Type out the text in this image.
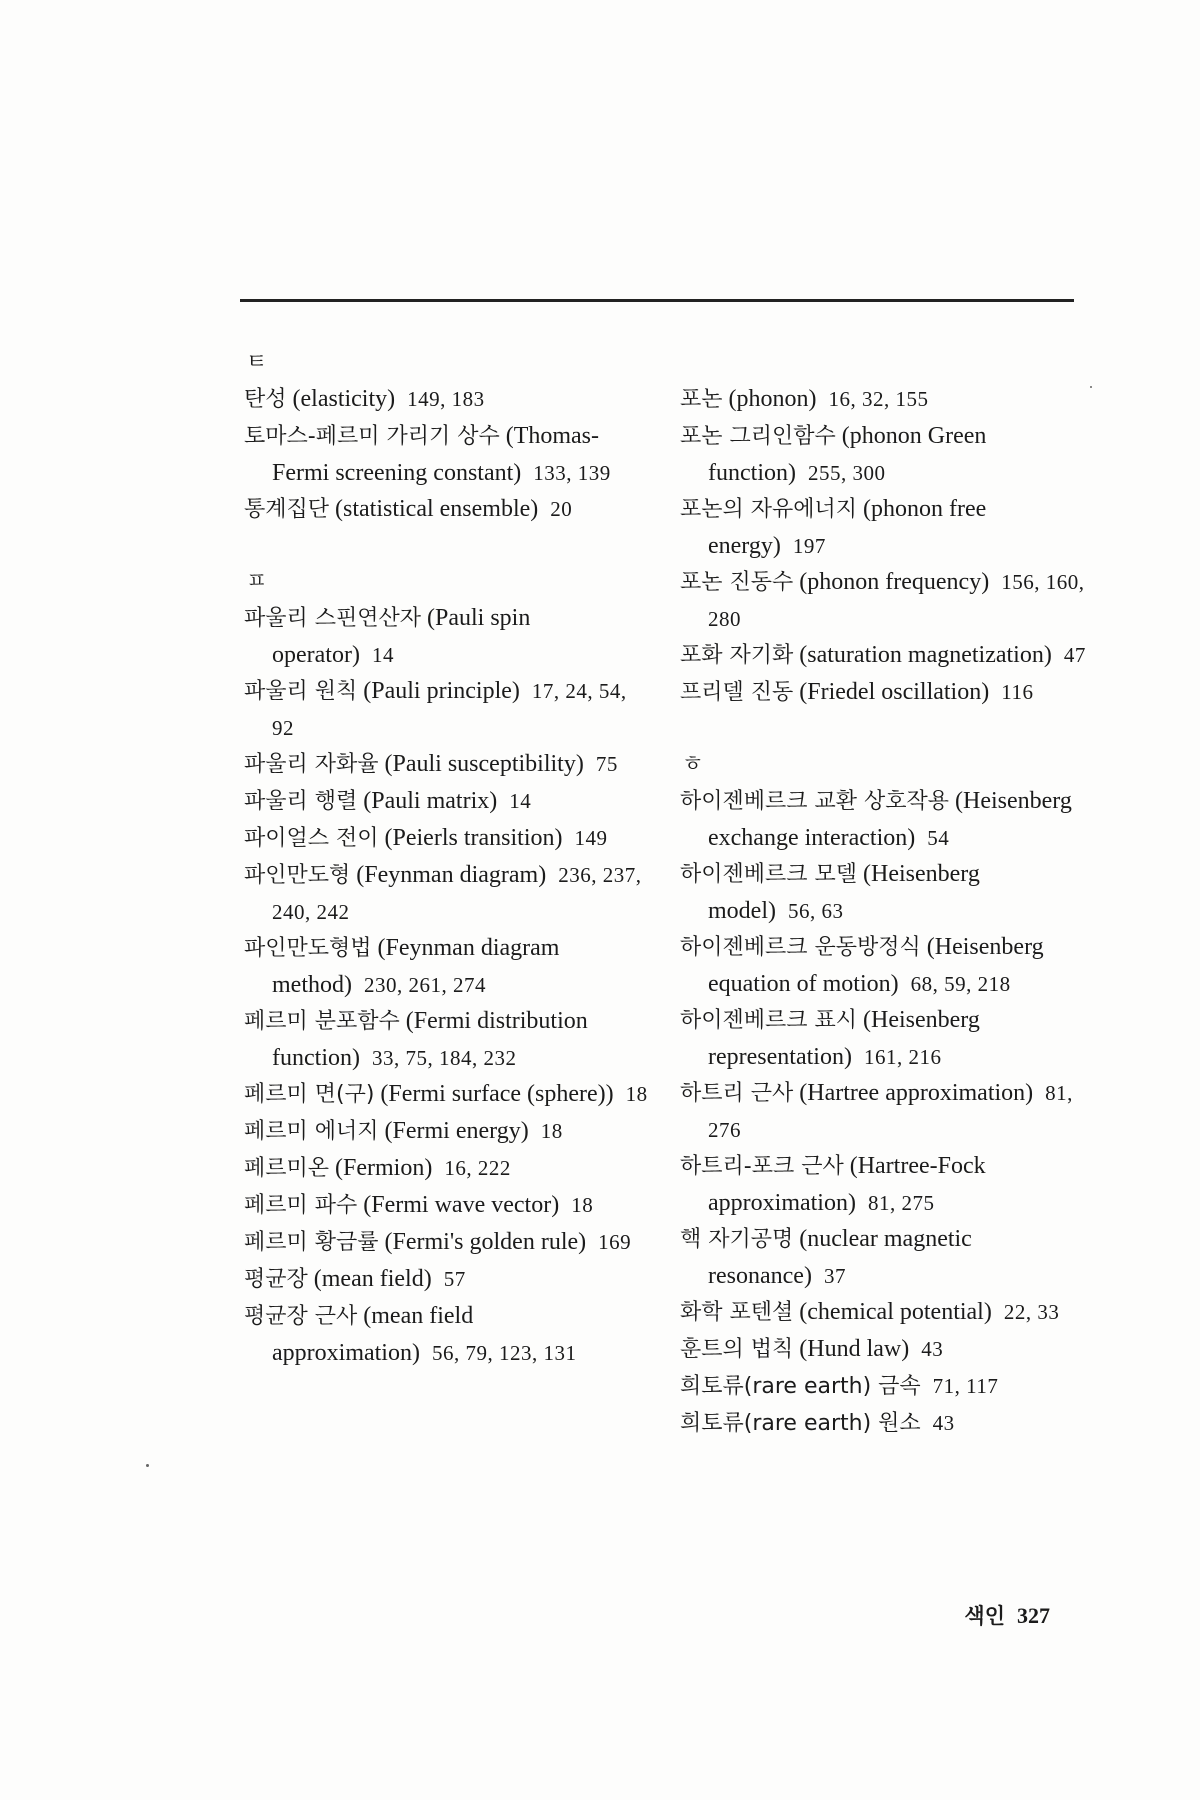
ㅌ
탄성 (elasticity) 149, 183
토마스-페르미 가리기 상수 (Thomas-Fermi screening constant) 133, 139
통계집단 (statistical ensemble) 20
ㅍ
파울리 스핀연산자 (Pauli spin operator) 14
파울리 원칙 (Pauli principle) 17, 24, 54, 92
파울리 자화율 (Pauli susceptibility) 75
파울리 행렬 (Pauli matrix) 14
파이얼스 전이 (Peierls transition) 149
파인만도형 (Feynman diagram) 236, 237, 240, 242
파인만도형법 (Feynman diagram method) 230, 261, 274
페르미 분포함수 (Fermi distribution function) 33, 75, 184, 232
페르미 면(구) (Fermi surface (sphere)) 18
페르미 에너지 (Fermi energy) 18
페르미온 (Fermion) 16, 222
페르미 파수 (Fermi wave vector) 18
페르미 황금률 (Fermi's golden rule) 169
평균장 (mean field) 57
평균장 근사 (mean field approximation) 56, 79, 123, 131
포논 (phonon) 16, 32, 155
포논 그리인함수 (phonon Green function) 255, 300
포논의 자유에너지 (phonon free energy) 197
포논 진동수 (phonon frequency) 156, 160, 280
포화 자기화 (saturation magnetization) 47
프리델 진동 (Friedel oscillation) 116
ㅎ
하이젠베르크 교환 상호작용 (Heisenberg exchange interaction) 54
하이젠베르크 모델 (Heisenberg model) 56, 63
하이젠베르크 운동방정식 (Heisenberg equation of motion) 68, 59, 218
하이젠베르크 표시 (Heisenberg representation) 161, 216
하트리 근사 (Hartree approximation) 81, 276
하트리-포크 근사 (Hartree-Fock approximation) 81, 275
핵 자기공명 (nuclear magnetic resonance) 37
화학 포텐셜 (chemical potential) 22, 33
훈트의 법칙 (Hund law) 43
희토류(rare earth) 금속 71, 117
희토류(rare earth) 원소 43
색인 327
